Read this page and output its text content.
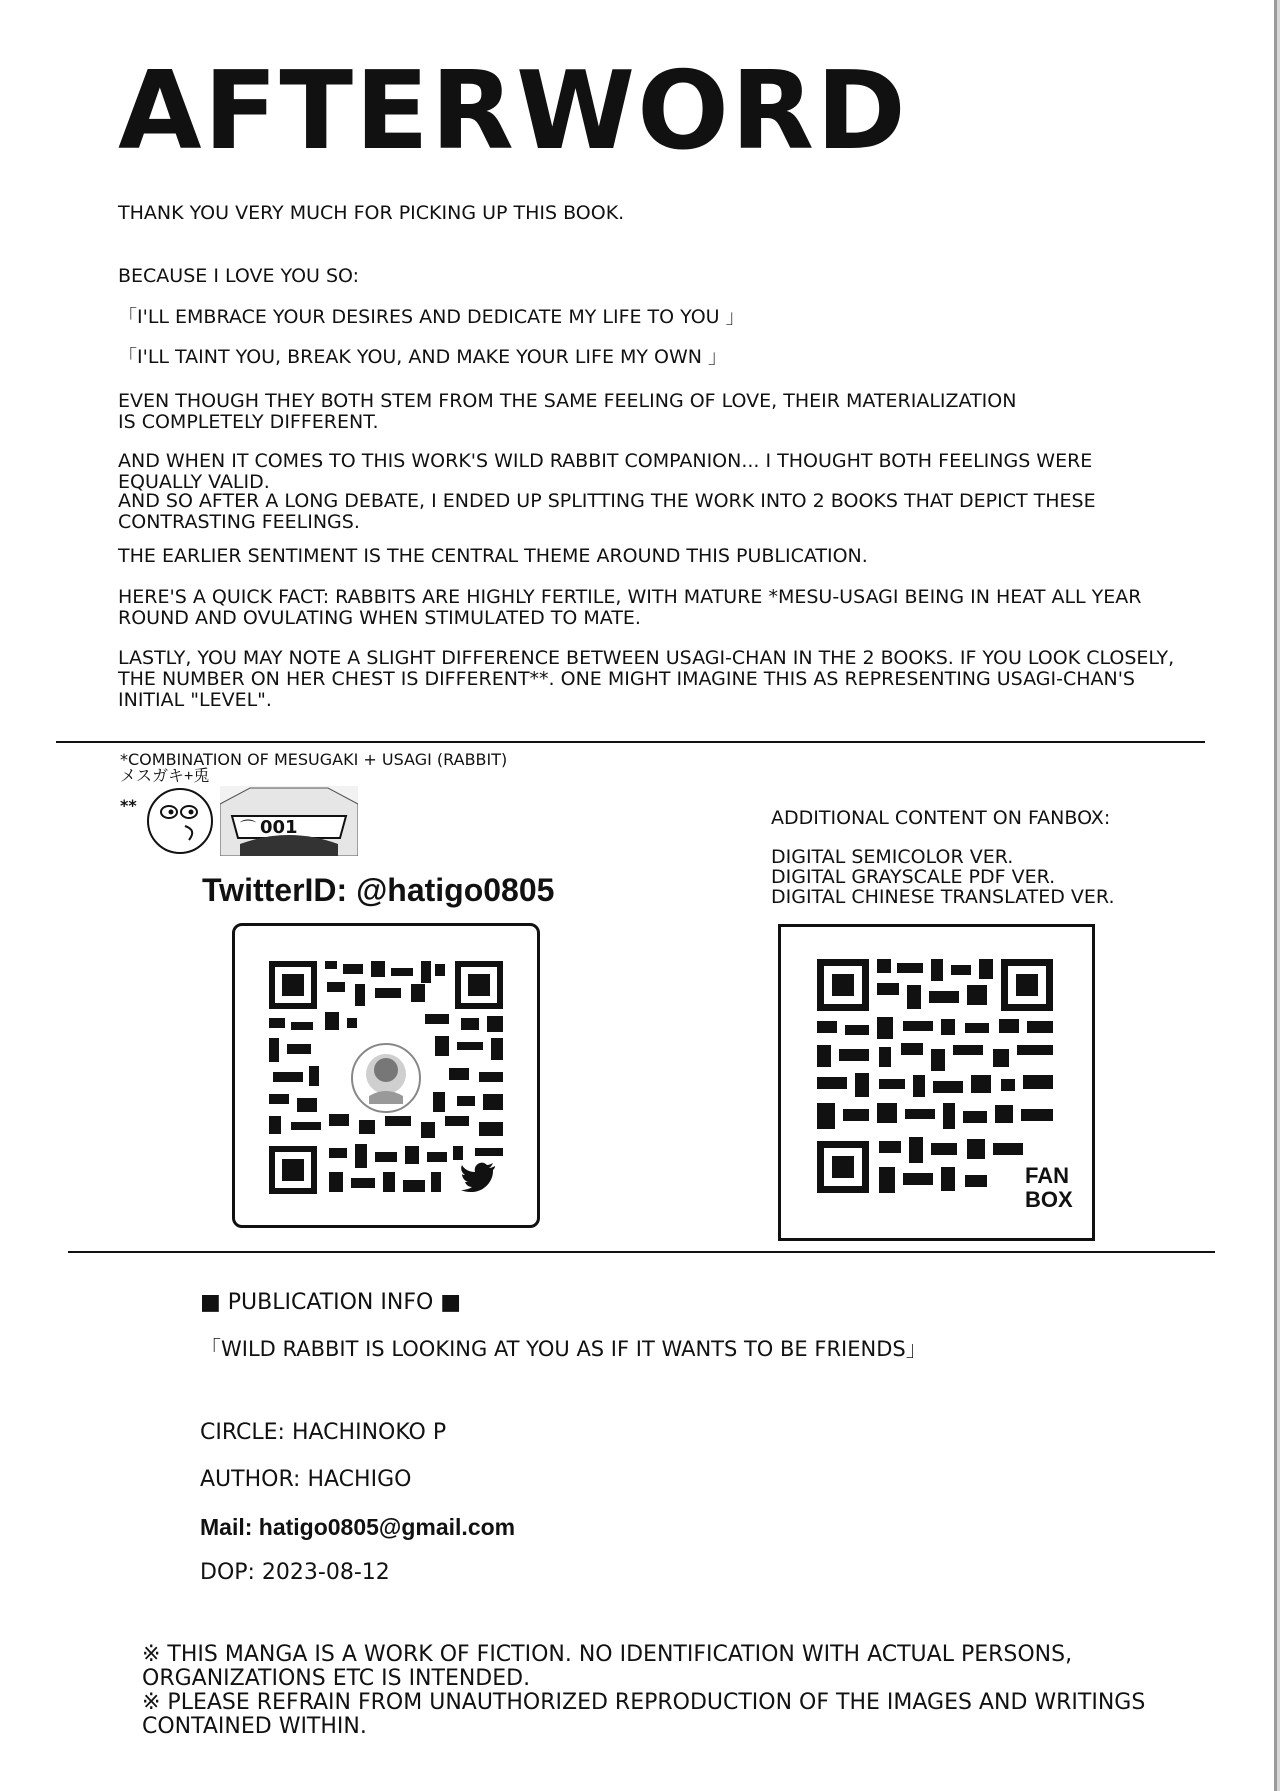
AFTERWORD

THANK YOU VERY MUCH FOR PICKING UP THIS BOOK.

BECAUSE I LOVE YOU SO:

「I'LL EMBRACE YOUR DESIRES AND DEDICATE MY LIFE TO YOU 」

「I'LL TAINT YOU, BREAK YOU, AND MAKE YOUR LIFE MY OWN 」

EVEN THOUGH THEY BOTH STEM FROM THE SAME FEELING OF LOVE, THEIR MATERIALIZATION IS COMPLETELY DIFFERENT.

AND WHEN IT COMES TO THIS WORK'S WILD RABBIT COMPANION... I THOUGHT BOTH FEELINGS WERE EQUALLY VALID.

AND SO AFTER A LONG DEBATE, I ENDED UP SPLITTING THE WORK INTO 2 BOOKS THAT DEPICT THESE CONTRASTING FEELINGS.

THE EARLIER SENTIMENT IS THE CENTRAL THEME AROUND THIS PUBLICATION.

HERE'S A QUICK FACT: RABBITS ARE HIGHLY FERTILE, WITH MATURE *MESU-USAGI BEING IN HEAT ALL YEAR ROUND AND OVULATING WHEN STIMULATED TO MATE.

LASTLY, YOU MAY NOTE A SLIGHT DIFFERENCE BETWEEN USAGI-CHAN IN THE 2 BOOKS. IF YOU LOOK CLOSELY, THE NUMBER ON HER CHEST IS DIFFERENT**. ONE MIGHT IMAGINE THIS AS REPRESENTING USAGI-CHAN'S INITIAL "LEVEL".

*COMBINATION OF MESUGAKI + USAGI (RABBIT)
メスガキ+兎
**
001
⌒
TwitterID: @hatigo0805
ADDITIONAL CONTENT ON FANBOX:
DIGITAL SEMICOLOR VER.
DIGITAL GRAYSCALE PDF VER.
DIGITAL CHINESE TRANSLATED VER.
FAN
BOX
■ PUBLICATION INFO ■
「WILD RABBIT IS LOOKING AT YOU AS IF IT WANTS TO BE FRIENDS」
CIRCLE: HACHINOKO P
AUTHOR: HACHIGO
Mail: hatigo0805@gmail.com
DOP: 2023-08-12

※ THIS MANGA IS A WORK OF FICTION. NO IDENTIFICATION WITH ACTUAL PERSONS, ORGANIZATIONS ETC IS INTENDED.

※ PLEASE REFRAIN FROM UNAUTHORIZED REPRODUCTION OF THE IMAGES AND WRITINGS CONTAINED WITHIN.
